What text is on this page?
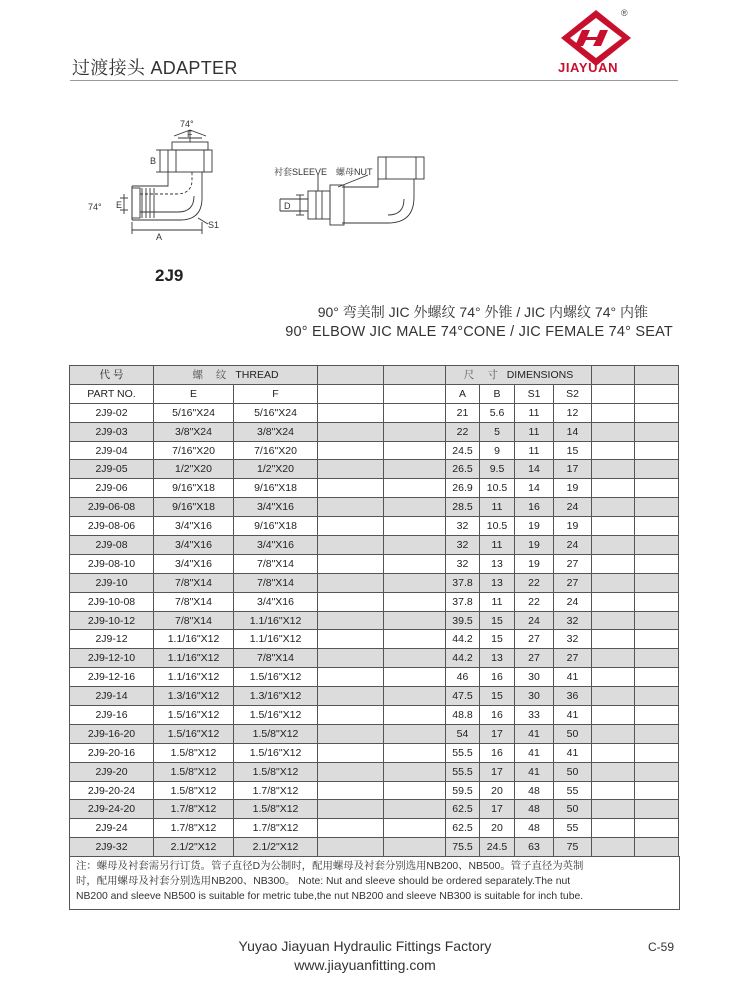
过渡接头 ADAPTER
®
JIAYUAN
74°
F
B
E
74°
S1
A
衬套SLEEVE 螺母NUT
D
2J9
90° 弯美制 JIC 外螺纹 74° 外锥 / JIC 内螺纹 74° 内锥
90° ELBOW JIC MALE 74°CONE / JIC FEMALE 74° SEAT
代 号	螺 纹 THREAD				尺 寸 DIMENSIONS					
PART NO.	E	F			A	B	S1	S2		
2J9-02	5/16"X24	5/16"X24			21	5.6	11	12		
2J9-03	3/8"X24	3/8"X24			22	5	11	14		
2J9-04	7/16"X20	7/16"X20			24.5	9	11	15		
2J9-05	1/2"X20	1/2"X20			26.5	9.5	14	17		
2J9-06	9/16"X18	9/16"X18			26.9	10.5	14	19		
2J9-06-08	9/16"X18	3/4"X16			28.5	11	16	24		
2J9-08-06	3/4"X16	9/16"X18			32	10.5	19	19		
2J9-08	3/4"X16	3/4"X16			32	11	19	24		
2J9-08-10	3/4"X16	7/8"X14			32	13	19	27		
2J9-10	7/8"X14	7/8"X14			37.8	13	22	27		
2J9-10-08	7/8"X14	3/4"X16			37.8	11	22	24		
2J9-10-12	7/8"X14	1.1/16"X12			39.5	15	24	32		
2J9-12	1.1/16"X12	1.1/16"X12			44.2	15	27	32		
2J9-12-10	1.1/16"X12	7/8"X14			44.2	13	27	27		
2J9-12-16	1.1/16"X12	1.5/16"X12			46	16	30	41		
2J9-14	1.3/16"X12	1.3/16"X12			47.5	15	30	36		
2J9-16	1.5/16"X12	1.5/16"X12			48.8	16	33	41		
2J9-16-20	1.5/16"X12	1.5/8"X12			54	17	41	50		
2J9-20-16	1.5/8"X12	1.5/16"X12			55.5	16	41	41		
2J9-20	1.5/8"X12	1.5/8"X12			55.5	17	41	50		
2J9-20-24	1.5/8"X12	1.7/8"X12			59.5	20	48	55		
2J9-24-20	1.7/8"X12	1.5/8"X12			62.5	17	48	50		
2J9-24	1.7/8"X12	1.7/8"X12			62.5	20	48	55		
2J9-32	2.1/2"X12	2.1/2"X12			75.5	24.5	63	75		
注：螺母及衬套需另行订货。管子直径D为公制时，配用螺母及衬套分别选用NB200、NB500。管子直径为英制
时，配用螺母及衬套分别选用NB200、NB300。 Note: Nut and sleeve should be ordered separately.The nut
NB200 and sleeve NB500 is suitable for metric tube,the nut NB200 and sleeve NB300 is suitable for inch tube.
Yuyao Jiayuan Hydraulic Fittings Factory
www.jiayuanfitting.com
C-59
